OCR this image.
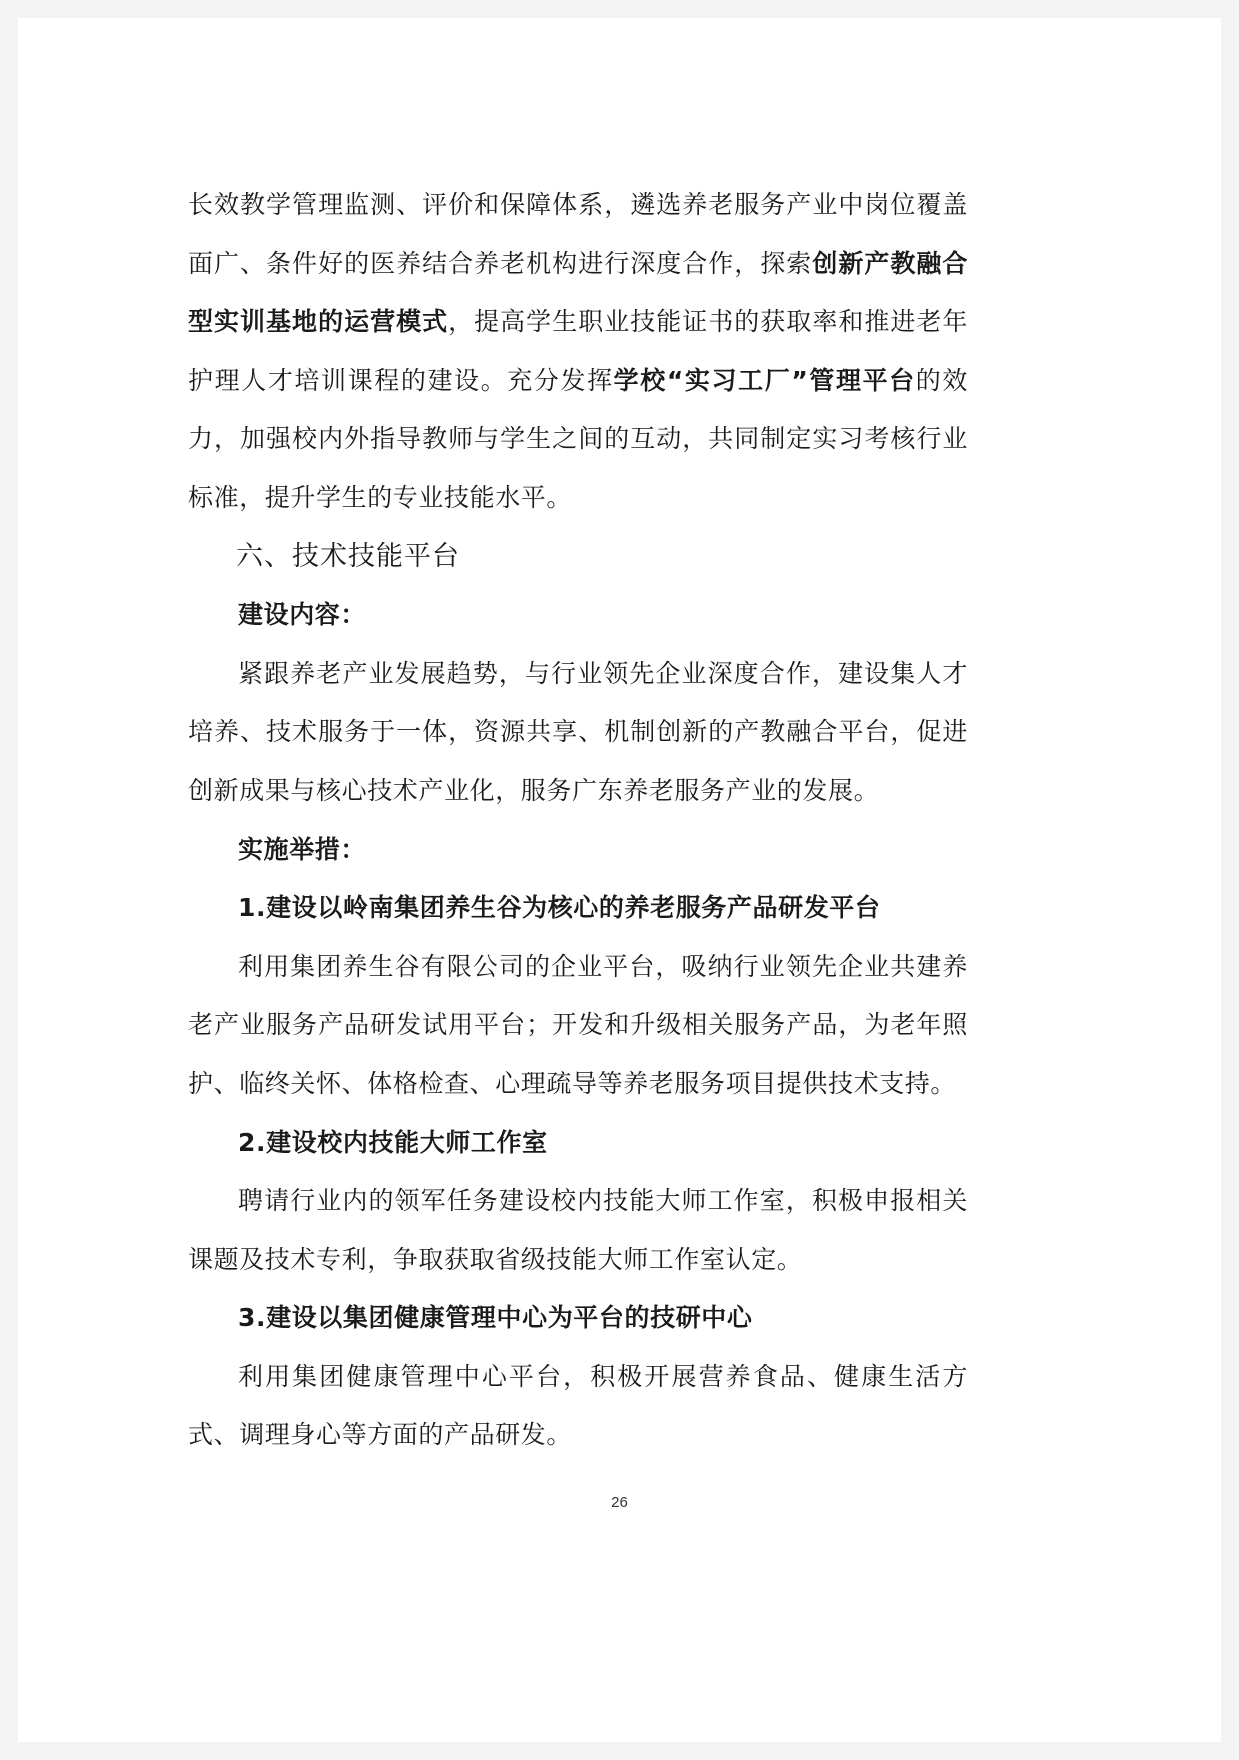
长效教学管理监测、评价和保障体系，遴选养老服务产业中岗位覆盖面广、条件好的医养结合养老机构进行深度合作，探索创新产教融合型实训基地的运营模式，提高学生职业技能证书的获取率和推进老年护理人才培训课程的建设。充分发挥学校“实习工厂”管理平台的效力，加强校内外指导教师与学生之间的互动，共同制定实习考核行业标准，提升学生的专业技能水平。

六、技术技能平台

建设内容：

紧跟养老产业发展趋势，与行业领先企业深度合作，建设集人才培养、技术服务于一体，资源共享、机制创新的产教融合平台，促进创新成果与核心技术产业化，服务广东养老服务产业的发展。

实施举措：

1.建设以岭南集团养生谷为核心的养老服务产品研发平台

利用集团养生谷有限公司的企业平台，吸纳行业领先企业共建养老产业服务产品研发试用平台；开发和升级相关服务产品，为老年照护、临终关怀、体格检查、心理疏导等养老服务项目提供技术支持。

2.建设校内技能大师工作室

聘请行业内的领军任务建设校内技能大师工作室，积极申报相关课题及技术专利，争取获取省级技能大师工作室认定。

3.建设以集团健康管理中心为平台的技研中心

利用集团健康管理中心平台，积极开展营养食品、健康生活方式、调理身心等方面的产品研发。

26
